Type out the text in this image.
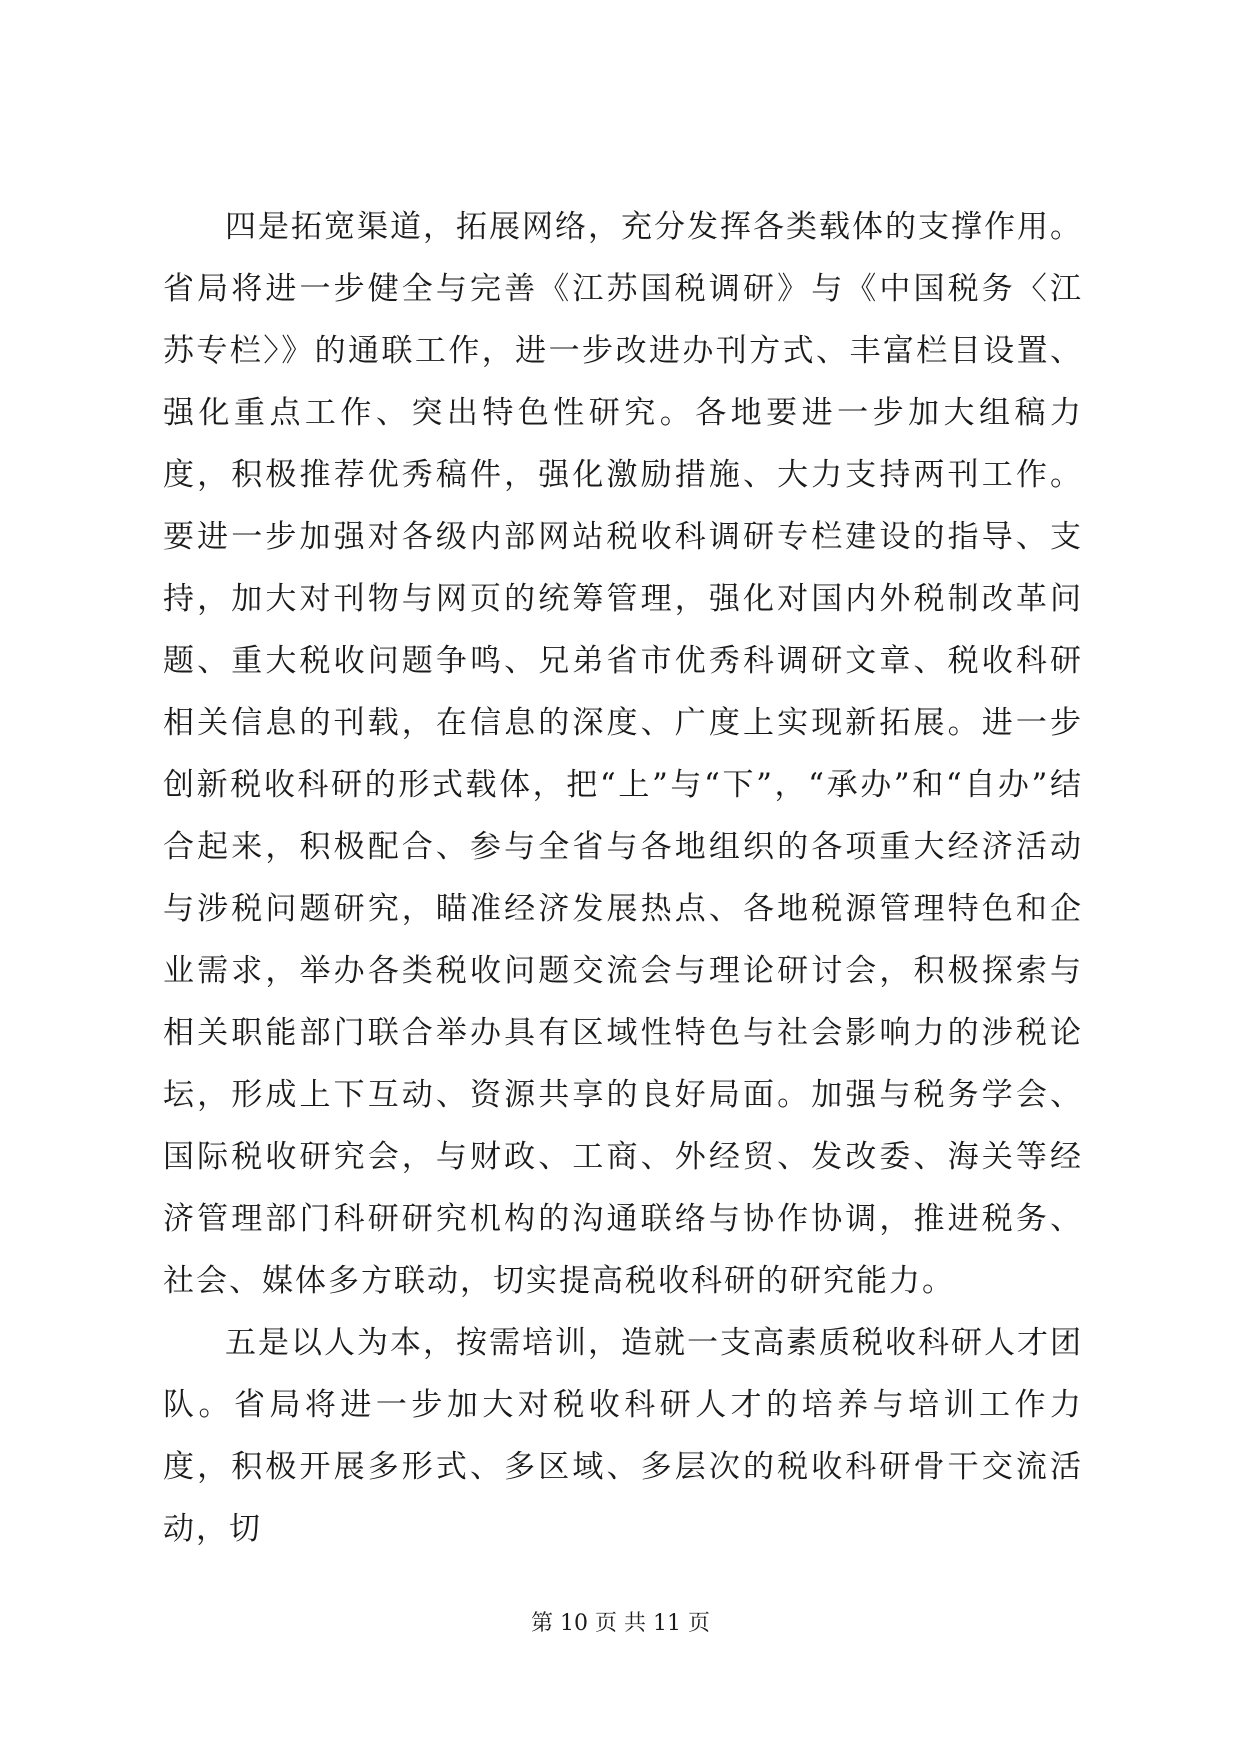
四是拓宽渠道，拓展网络，充分发挥各类载体的支撑作用。省局将进一步健全与完善《江苏国税调研》与《中国税务〈江苏专栏〉》的通联工作，进一步改进办刊方式、丰富栏目设置、强化重点工作、突出特色性研究。各地要进一步加大组稿力度，积极推荐优秀稿件，强化激励措施、大力支持两刊工作。要进一步加强对各级内部网站税收科调研专栏建设的指导、支持，加大对刊物与网页的统筹管理，强化对国内外税制改革问题、重大税收问题争鸣、兄弟省市优秀科调研文章、税收科研相关信息的刊载，在信息的深度、广度上实现新拓展。进一步创新税收科研的形式载体，把“上”与“下”，“承办”和“自办”结合起来，积极配合、参与全省与各地组织的各项重大经济活动与涉税问题研究，瞄准经济发展热点、各地税源管理特色和企业需求，举办各类税收问题交流会与理论研讨会，积极探索与相关职能部门联合举办具有区域性特色与社会影响力的涉税论坛，形成上下互动、资源共享的良好局面。加强与税务学会、国际税收研究会，与财政、工商、外经贸、发改委、海关等经济管理部门科研研究机构的沟通联络与协作协调，推进税务、社会、媒体多方联动，切实提高税收科研的研究能力。

五是以人为本，按需培训，造就一支高素质税收科研人才团队。省局将进一步加大对税收科研人才的培养与培训工作力度，积极开展多形式、多区域、多层次的税收科研骨干交流活动，切

第 10 页 共 11 页
